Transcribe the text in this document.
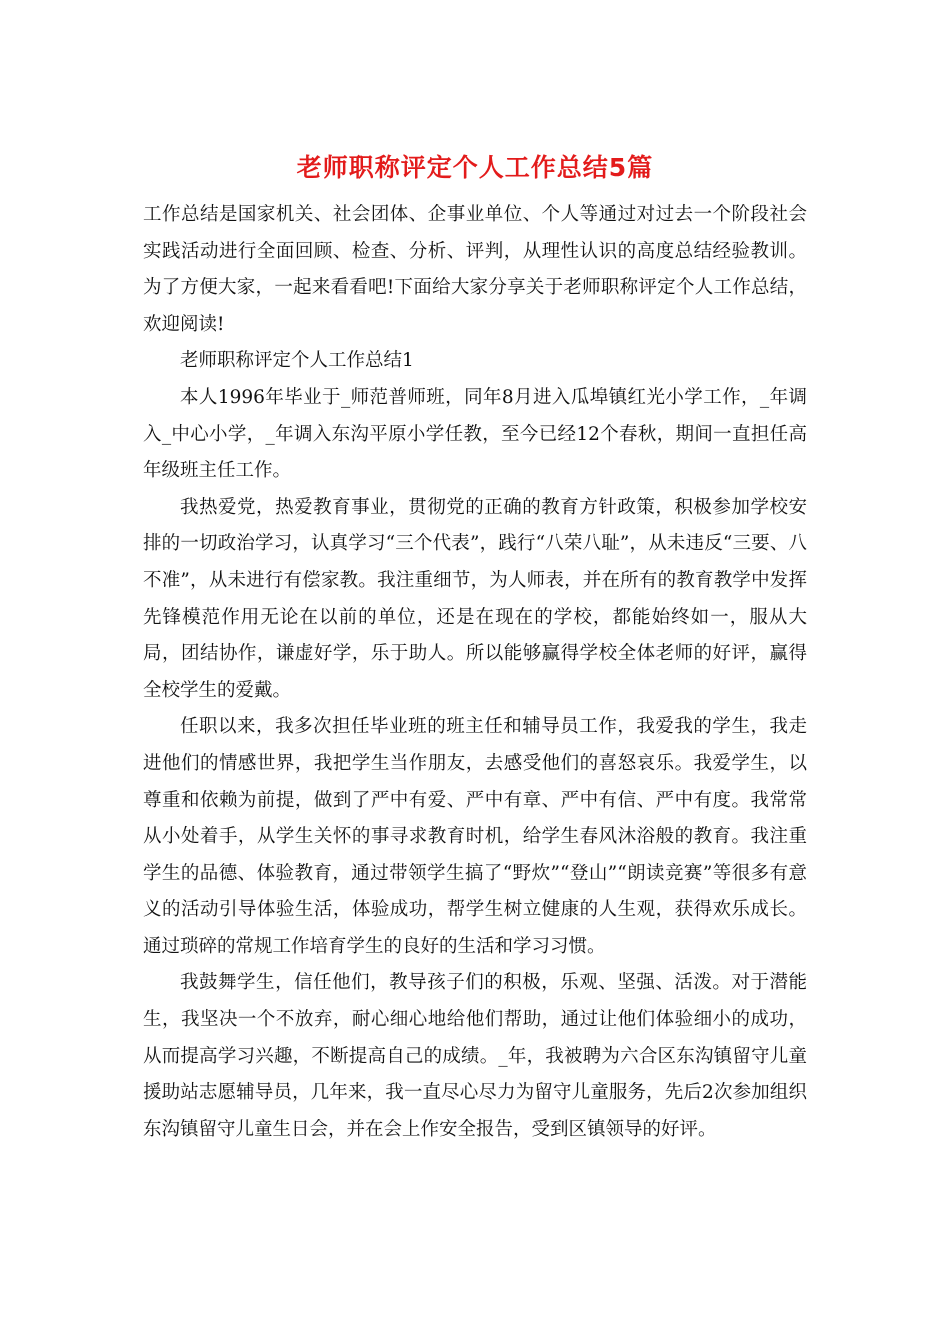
老师职称评定个人工作总结5篇

工作总结是国家机关、社会团体、企事业单位、个人等通过对过去一个阶段社会实践活动进行全面回顾、检查、分析、评判，从理性认识的高度总结经验教训。为了方便大家，一起来看看吧!下面给大家分享关于老师职称评定个人工作总结，欢迎阅读!

老师职称评定个人工作总结1

本人1996年毕业于_师范普师班，同年8月进入瓜埠镇红光小学工作，_年调入_中心小学，_年调入东沟平原小学任教，至今已经12个春秋，期间一直担任高年级班主任工作。

我热爱党，热爱教育事业，贯彻党的正确的教育方针政策，积极参加学校安排的一切政治学习，认真学习“三个代表”，践行“八荣八耻”，从未违反“三要、八不准”，从未进行有偿家教。我注重细节，为人师表，并在所有的教育教学中发挥先锋模范作用无论在以前的单位，还是在现在的学校，都能始终如一，服从大局，团结协作，谦虚好学，乐于助人。所以能够赢得学校全体老师的好评，赢得全校学生的爱戴。

任职以来，我多次担任毕业班的班主任和辅导员工作，我爱我的学生，我走进他们的情感世界，我把学生当作朋友，去感受他们的喜怒哀乐。我爱学生，以尊重和依赖为前提，做到了严中有爱、严中有章、严中有信、严中有度。我常常从小处着手，从学生关怀的事寻求教育时机，给学生春风沐浴般的教育。我注重学生的品德、体验教育，通过带领学生搞了“野炊”“登山”“朗读竞赛”等很多有意义的活动引导体验生活，体验成功，帮学生树立健康的人生观，获得欢乐成长。通过琐碎的常规工作培育学生的良好的生活和学习习惯。

我鼓舞学生，信任他们，教导孩子们的积极，乐观、坚强、活泼。对于潜能生，我坚决一个不放弃，耐心细心地给他们帮助，通过让他们体验细小的成功，从而提高学习兴趣，不断提高自己的成绩。_年，我被聘为六合区东沟镇留守儿童援助站志愿辅导员，几年来，我一直尽心尽力为留守儿童服务，先后2次参加组织东沟镇留守儿童生日会，并在会上作安全报告，受到区镇领导的好评。
